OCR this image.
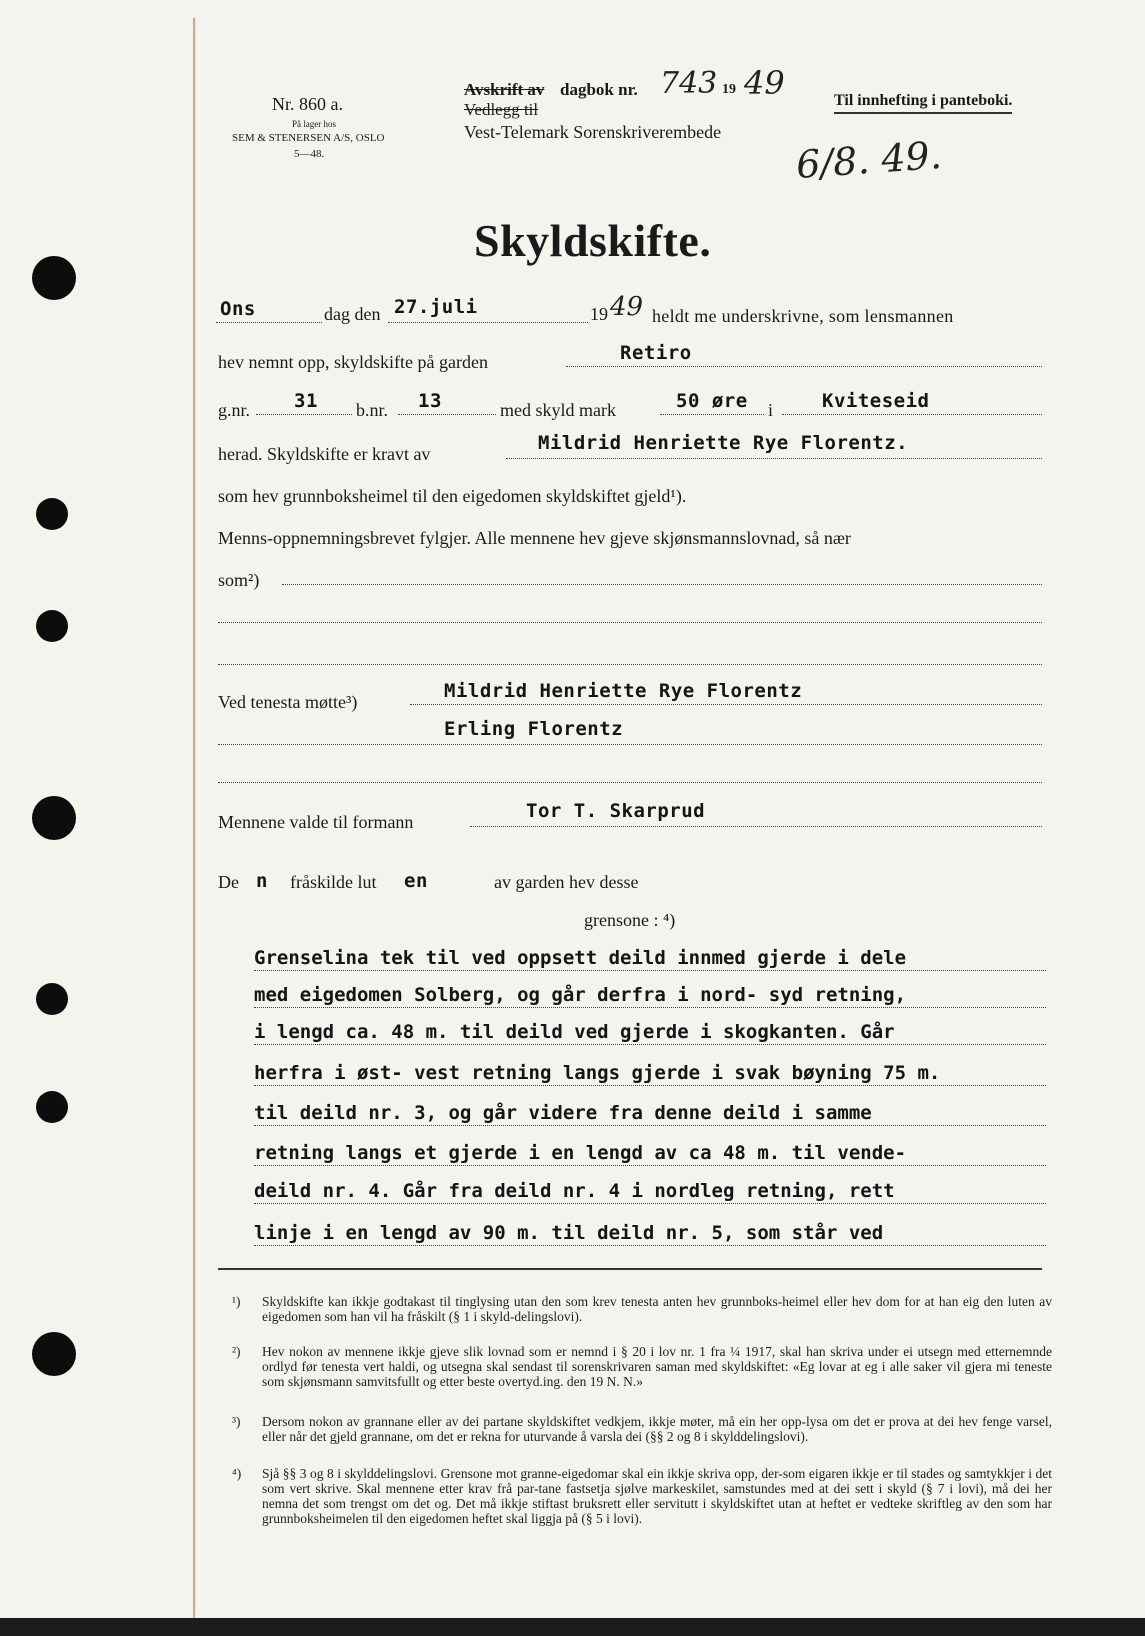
Nr. 860 a.
På lager hos
SEM & STENERSEN A/S, OSLO
5—48.
Avskrift av dagbok nr. 743 19 49
Vedlegg til
Vest-Telemark Sorenskriverembede
6/8. 49.
Til innhefting i panteboki.
Skyldskifte.
Ons	dag den 27.juli	19 49 heldt me underskrivne, som lensmannen
hev nemnt opp, skyldskifte på garden	Retiro
g.nr. 31 b.nr. 13	med skyld mark	50 øre i	Kviteseid
herad. Skyldskifte er kravt av	Mildrid Henriette Rye Florentz.
som hev grunnboksheimel til den eigedomen skyldskiftet gjeld¹).
Menns-oppnemningsbrevet fylgjer. Alle mennene hev gjeve skjønsmannslovnad, så nær
som²)
Ved tenesta møtte³)	Mildrid Henriette Rye Florentz
Erling Florentz
Mennene valde til formann	Tor T. Skarprud
De n fråskilde lut en	av garden hev desse
grensone : ⁴)
Grenselina tek til ved oppsett deild innmed gjerde i dele
med eigedomen Solberg, og går derfra i nord- syd retning,
i lengd ca. 48 m. til deild ved gjerde i skogkanten. Går
herfra i øst- vest retning langs gjerde i svak bøyning 75 m.
til deild nr. 3, og går videre fra denne deild i samme
retning langs et gjerde i en lengd av ca 48 m. til vende-
deild nr. 4. Går fra deild nr. 4 i nordleg retning, rett
linje i en lengd av 90 m. til deild nr. 5, som står ved
¹) Skyldskifte kan ikkje godtakast til tinglysing utan den som krev tenesta anten hev grunnboks-heimel eller hev dom for at han eig den luten av eigedomen som han vil ha fråskilt (§ 1 i skyld-delingslovi).
²) Hev nokon av mennene ikkje gjeve slik lovnad som er nemnd i § 20 i lov nr. 1 fra ¼ 1917, skal han skriva under ei utsegn med etternemnde ordlyd før tenesta vert haldi, og utsegna skal sendast til sorenskrivaren saman med skyldskiftet: «Eg lovar at eg i alle saker vil gjera mi teneste som skjønsmann samvitsfullt og etter beste overtyd.ing. den 19 N. N.»
³) Dersom nokon av grannane eller av dei partane skyldskiftet vedkjem, ikkje møter, må ein her opp-lysa om det er prova at dei hev fenge varsel, eller når det gjeld grannane, om det er rekna for uturvande å varsla dei (§§ 2 og 8 i skylddelingslovi).
⁴) Sjå §§ 3 og 8 i skylddelingslovi. Grensone mot granne-eigedomar skal ein ikkje skriva opp, der-som eigaren ikkje er til stades og samtykkjer i det som vert skrive. Skal mennene etter krav frå par-tane fastsetja sjølve markeskilet, samstundes med at dei sett i skyld (§ 7 i lovi), må dei her nemna det som trengst om det og. Det må ikkje stiftast bruksrett eller servitutt i skyldskiftet utan at heftet er vedteke skriftleg av den som har grunnboksheimelen til den eigedomen heftet skal liggja på (§ 5 i lovi).
